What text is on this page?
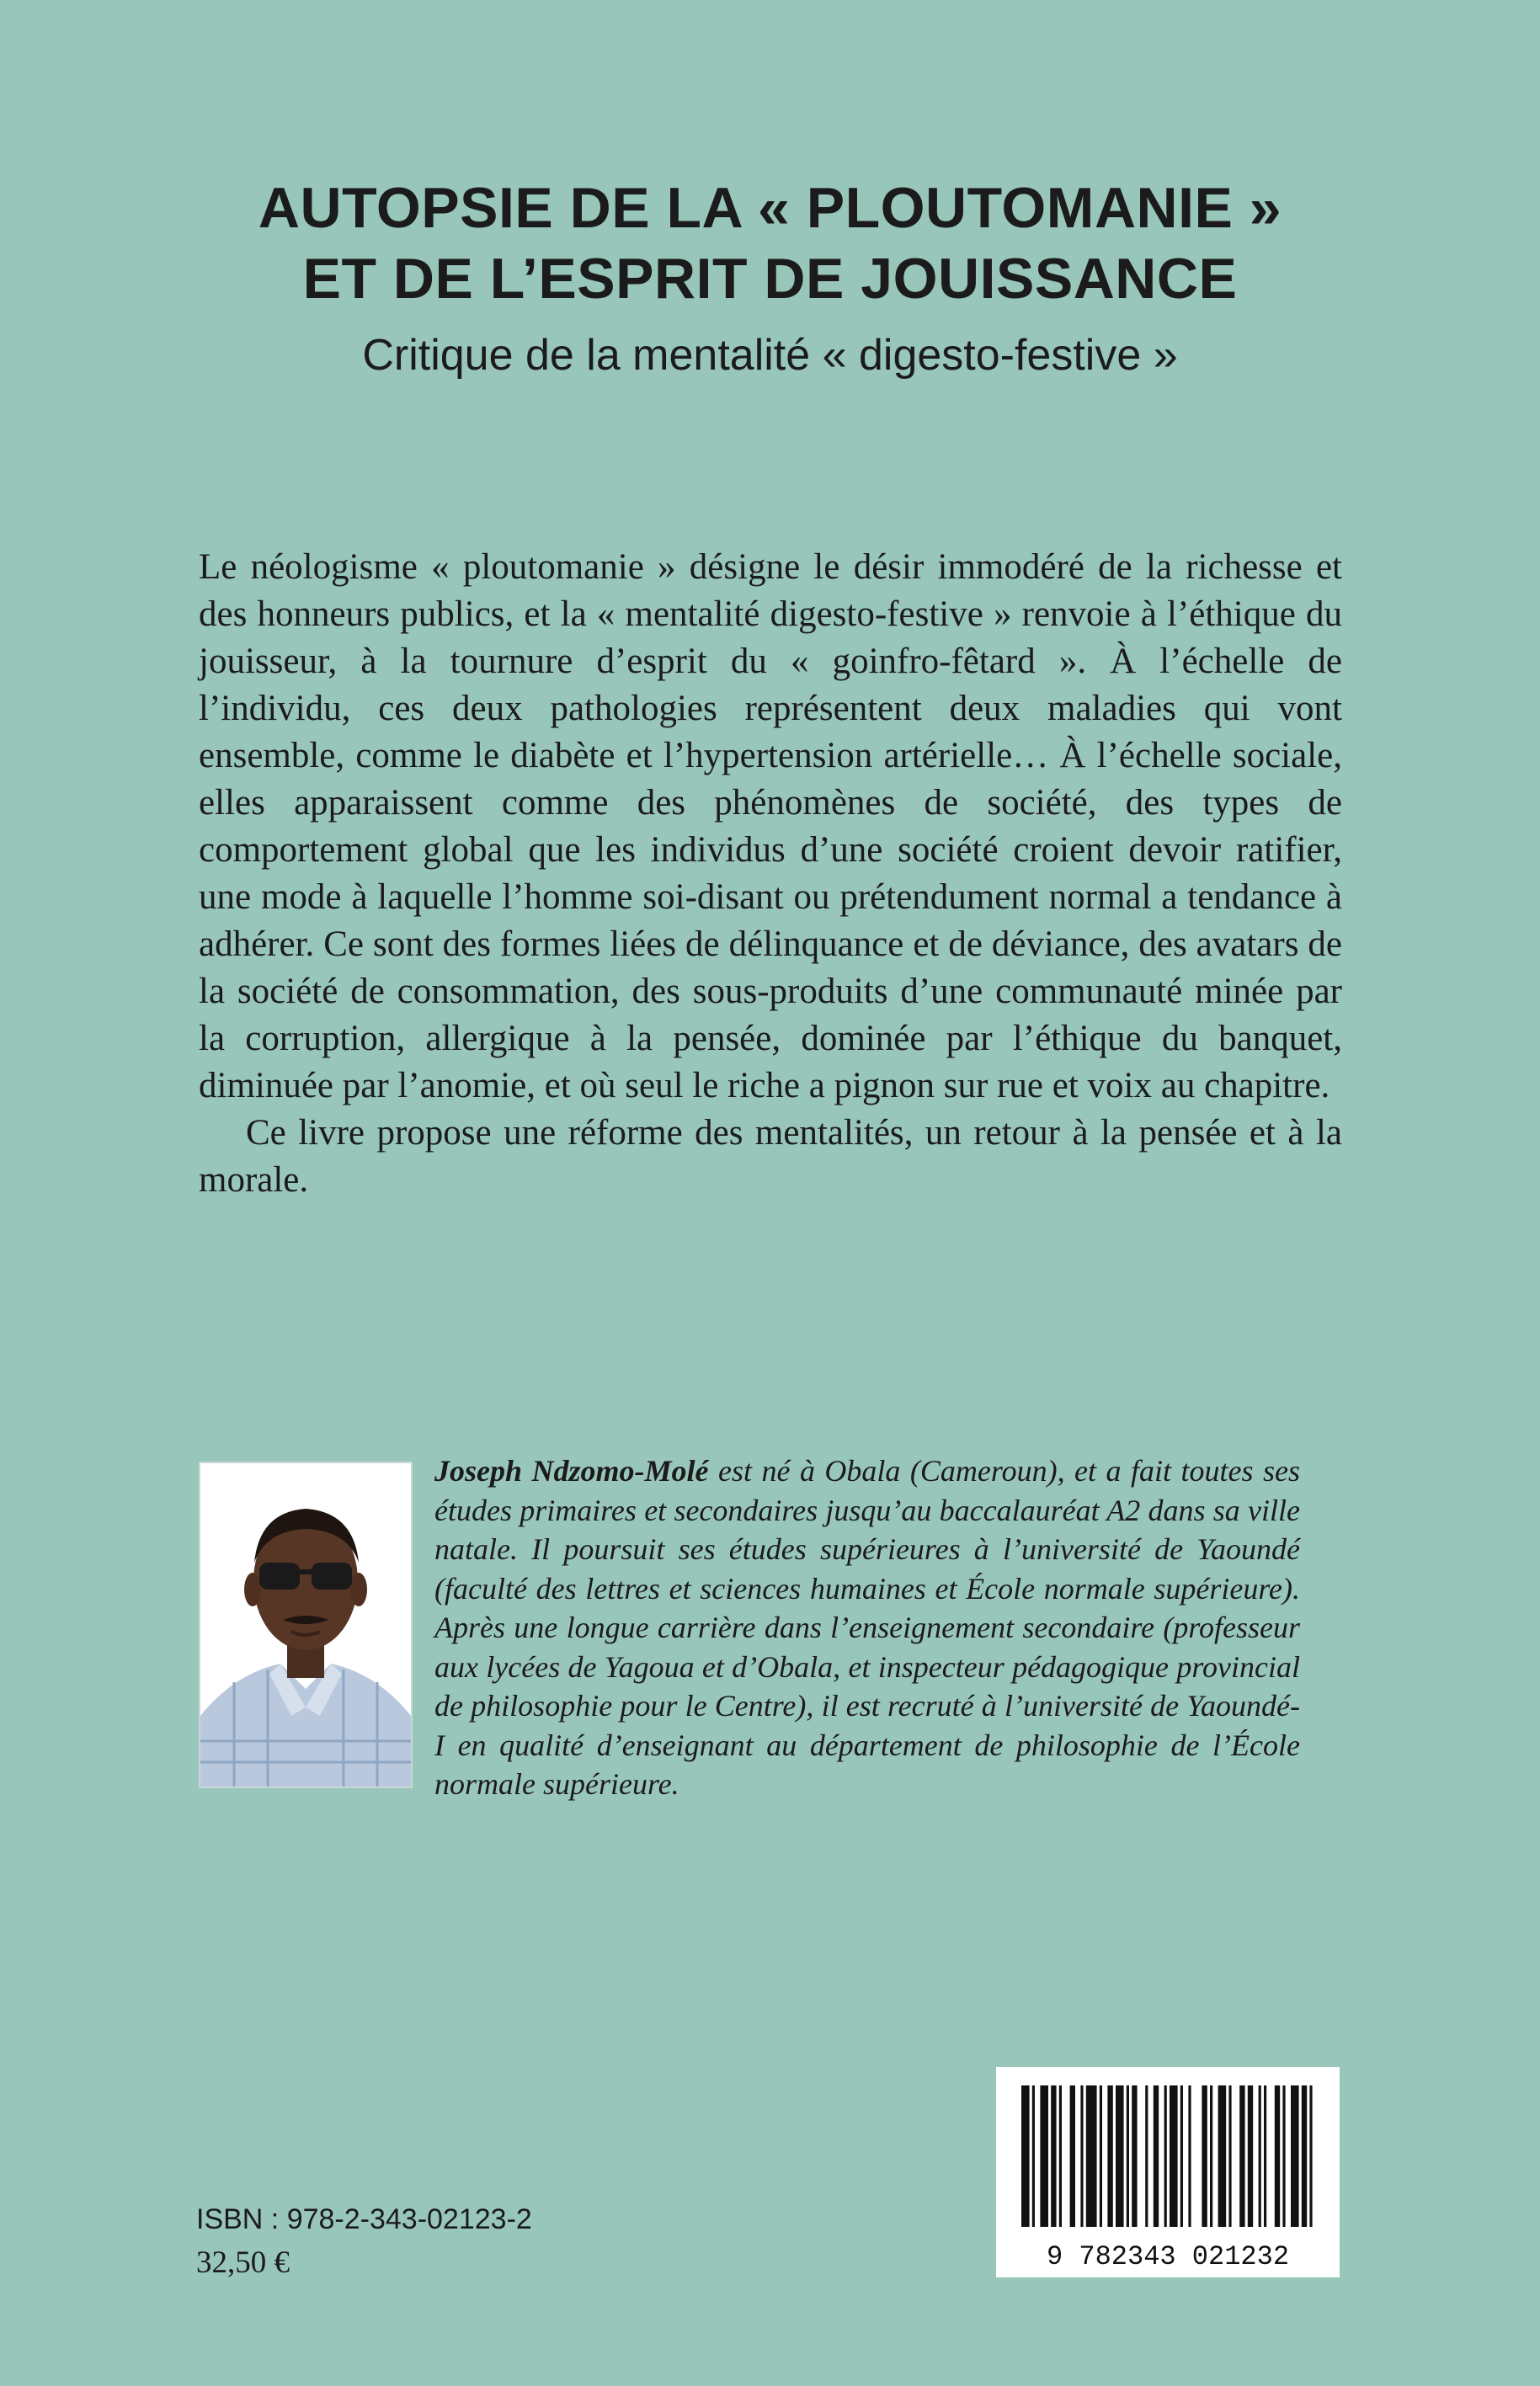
AUTOPSIE DE LA « PLOUTOMANIE »
ET DE L’ESPRIT DE JOUISSANCE
Critique de la mentalité « digesto-festive »

Le néologisme « ploutomanie » désigne le désir immodéré de la richesse et des honneurs publics, et la « mentalité digesto-festive » renvoie à l’éthique du jouisseur, à la tournure d’esprit du « goinfro-fêtard ». À l’échelle de l’individu, ces deux pathologies représentent deux maladies qui vont ensemble, comme le diabète et l’hypertension artérielle… À l’échelle sociale, elles apparaissent comme des phénomènes de société, des types de comportement global que les individus d’une société croient devoir ratifier, une mode à laquelle l’homme soi-disant ou prétendument normal a tendance à adhérer. Ce sont des formes liées de délinquance et de déviance, des avatars de la société de consommation, des sous-produits d’une communauté minée par la corruption, allergique à la pensée, dominée par l’éthique du banquet, diminuée par l’anomie, et où seul le riche a pignon sur rue et voix au chapitre.

Ce livre propose une réforme des mentalités, un retour à la pensée et à la morale.

Joseph Ndzomo-Molé est né à Obala (Cameroun), et a fait toutes ses études primaires et secondaires jusqu’au baccalauréat A2 dans sa ville natale. Il poursuit ses études supérieures à l’université de Yaoundé (faculté des lettres et sciences humaines et École normale supérieure). Après une longue carrière dans l’enseignement secondaire (professeur aux lycées de Yagoua et d’Obala, et inspecteur pédagogique provincial de philosophie pour le Centre), il est recruté à l’université de Yaoundé-I en qualité d’enseignant au département de philosophie de l’École normale supérieure.

9 782343 021232
ISBN : 978-2-343-02123-2
32,50 €
